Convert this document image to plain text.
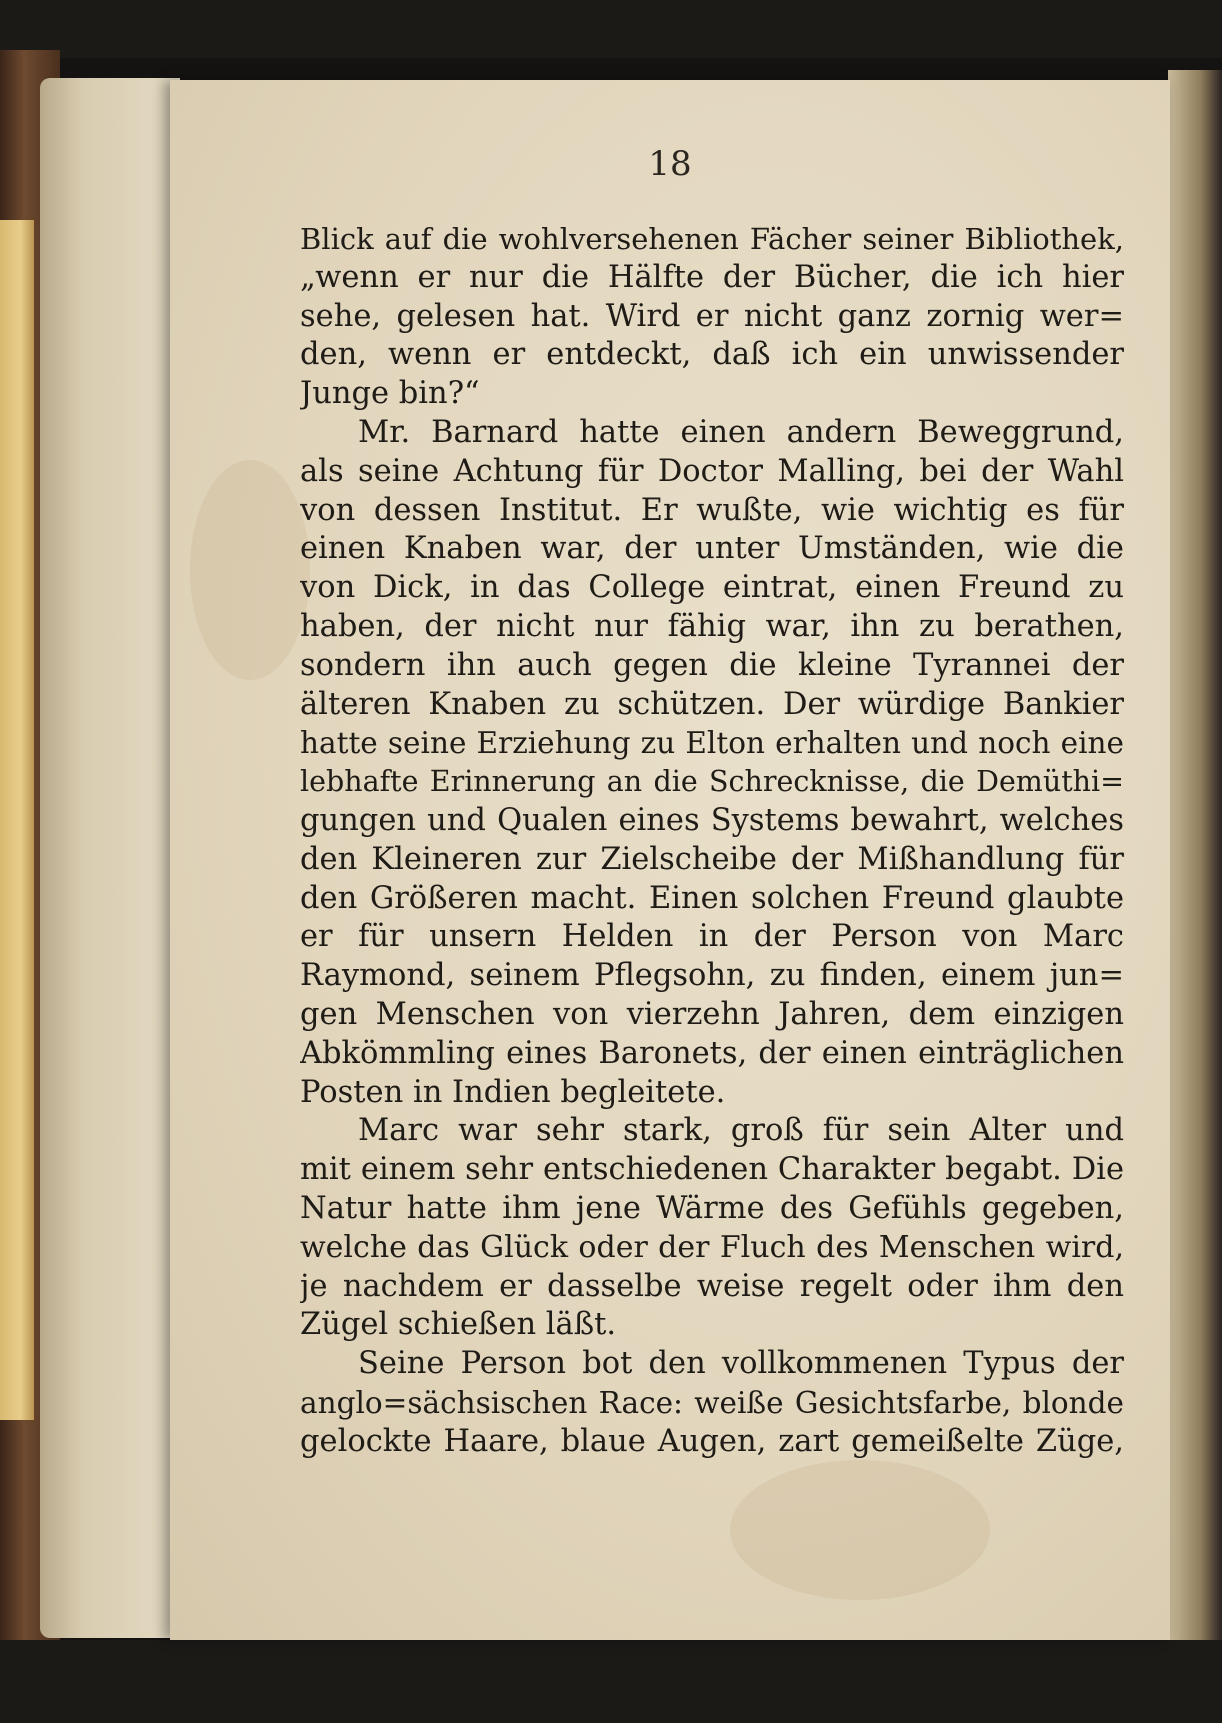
18
Blick auf die wohlversehenen Fächer seiner Bibliothek,
„wenn er nur die Hälfte der Bücher, die ich hier
sehe, gelesen hat. Wird er nicht ganz zornig wer=
den, wenn er entdeckt, daß ich ein unwissender
Junge bin?“
Mr. Barnard hatte einen andern Beweggrund,
als seine Achtung für Doctor Malling, bei der Wahl
von dessen Institut. Er wußte, wie wichtig es für
einen Knaben war, der unter Umständen, wie die
von Dick, in das College eintrat, einen Freund zu
haben, der nicht nur fähig war, ihn zu berathen,
sondern ihn auch gegen die kleine Tyrannei der
älteren Knaben zu schützen. Der würdige Bankier
hatte seine Erziehung zu Elton erhalten und noch eine
lebhafte Erinnerung an die Schrecknisse, die Demüthi=
gungen und Qualen eines Systems bewahrt, welches
den Kleineren zur Zielscheibe der Mißhandlung für
den Größeren macht. Einen solchen Freund glaubte
er für unsern Helden in der Person von Marc
Raymond, seinem Pflegsohn, zu finden, einem jun=
gen Menschen von vierzehn Jahren, dem einzigen
Abkömmling eines Baronets, der einen einträglichen
Posten in Indien begleitete.
Marc war sehr stark, groß für sein Alter und
mit einem sehr entschiedenen Charakter begabt. Die
Natur hatte ihm jene Wärme des Gefühls gegeben,
welche das Glück oder der Fluch des Menschen wird,
je nachdem er dasselbe weise regelt oder ihm den
Zügel schießen läßt.
Seine Person bot den vollkommenen Typus der
anglo=sächsischen Race: weiße Gesichtsfarbe, blonde
gelockte Haare, blaue Augen, zart gemeißelte Züge,
